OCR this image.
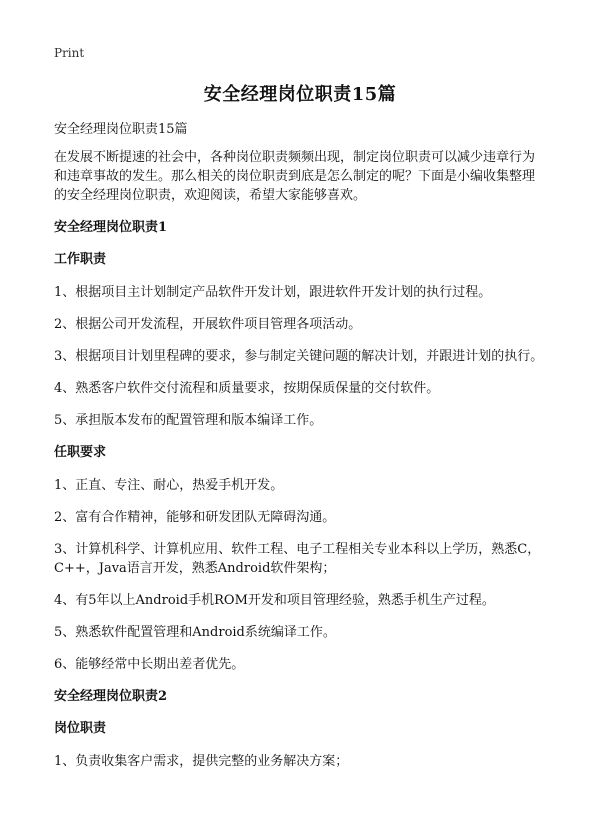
Print
安全经理岗位职责15篇
安全经理岗位职责15篇
在发展不断提速的社会中，各种岗位职责频频出现，制定岗位职责可以减少违章行为和违章事故的发生。那么相关的岗位职责到底是怎么制定的呢？下面是小编收集整理的安全经理岗位职责，欢迎阅读，希望大家能够喜欢。
安全经理岗位职责1
工作职责
1、根据项目主计划制定产品软件开发计划，跟进软件开发计划的执行过程。
2、根据公司开发流程，开展软件项目管理各项活动。
3、根据项目计划里程碑的要求，参与制定关键问题的解决计划，并跟进计划的执行。
4、熟悉客户软件交付流程和质量要求，按期保质保量的交付软件。
5、承担版本发布的配置管理和版本编译工作。
任职要求
1、正直、专注、耐心，热爱手机开发。
2、富有合作精神，能够和研发团队无障碍沟通。
3、计算机科学、计算机应用、软件工程、电子工程相关专业本科以上学历，熟悉C，C++，Java语言开发，熟悉Android软件架构；
4、有5年以上Android手机ROM开发和项目管理经验，熟悉手机生产过程。
5、熟悉软件配置管理和Android系统编译工作。
6、能够经常中长期出差者优先。
安全经理岗位职责2
岗位职责
1、负责收集客户需求，提供完整的业务解决方案；
